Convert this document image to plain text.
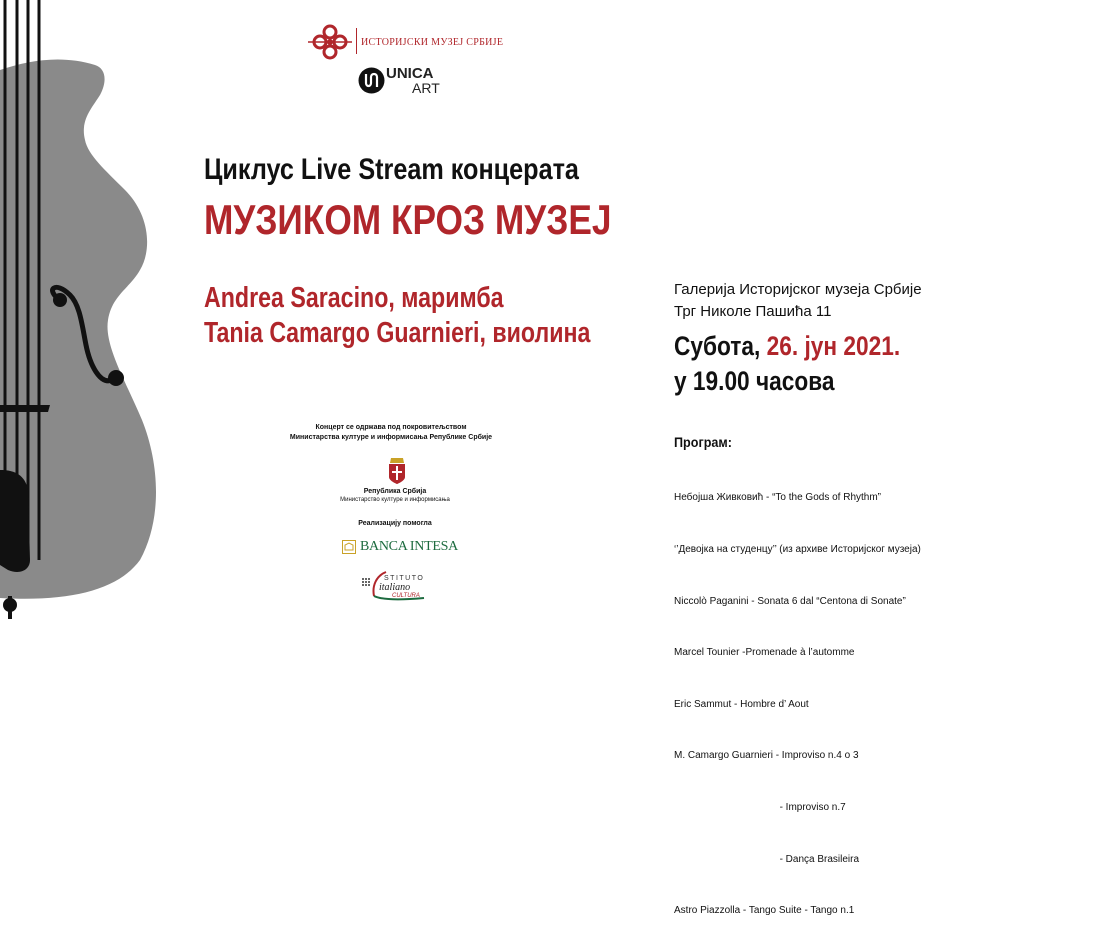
ИСТОРИЈСКИ МУЗЕЈ СРБИЈЕ
UNICA
ART
Циклус Live Stream концерата
МУЗИКОМ КРОЗ МУЗЕЈ
Andrea Saracino, маримба
Tania Camargo Guarnieri, виолина
Галерија Историјског музеја Србије
Трг Николе Пашића 11
Субота, 26. јун 2021.
у 19.00 часова
Програм:

Небојша Живковић - “To the Gods of Rhythm”

‘’Девојка на студенцу’’ (из архиве Историјског музеја)

Niccolò Paganini - Sonata 6 dal “Centona di Sonate”

Marcel Tounier -Promenade à l’automme

Eric Sammut - Hombre d’ Aout

M. Camargo Guarnieri - Improviso n.4 o 3

- Improviso n.7

- Dança Brasileira

Astro Piazzolla - Tango Suite - Tango n.1

Концерт се одржава под покровитељством
Министарства културе и информисања Републике Србије
Република Србија
Министарство културе и информисања
Реализацију помогла
BANCA INTESA
STITUTO
italiano
CULTURA
